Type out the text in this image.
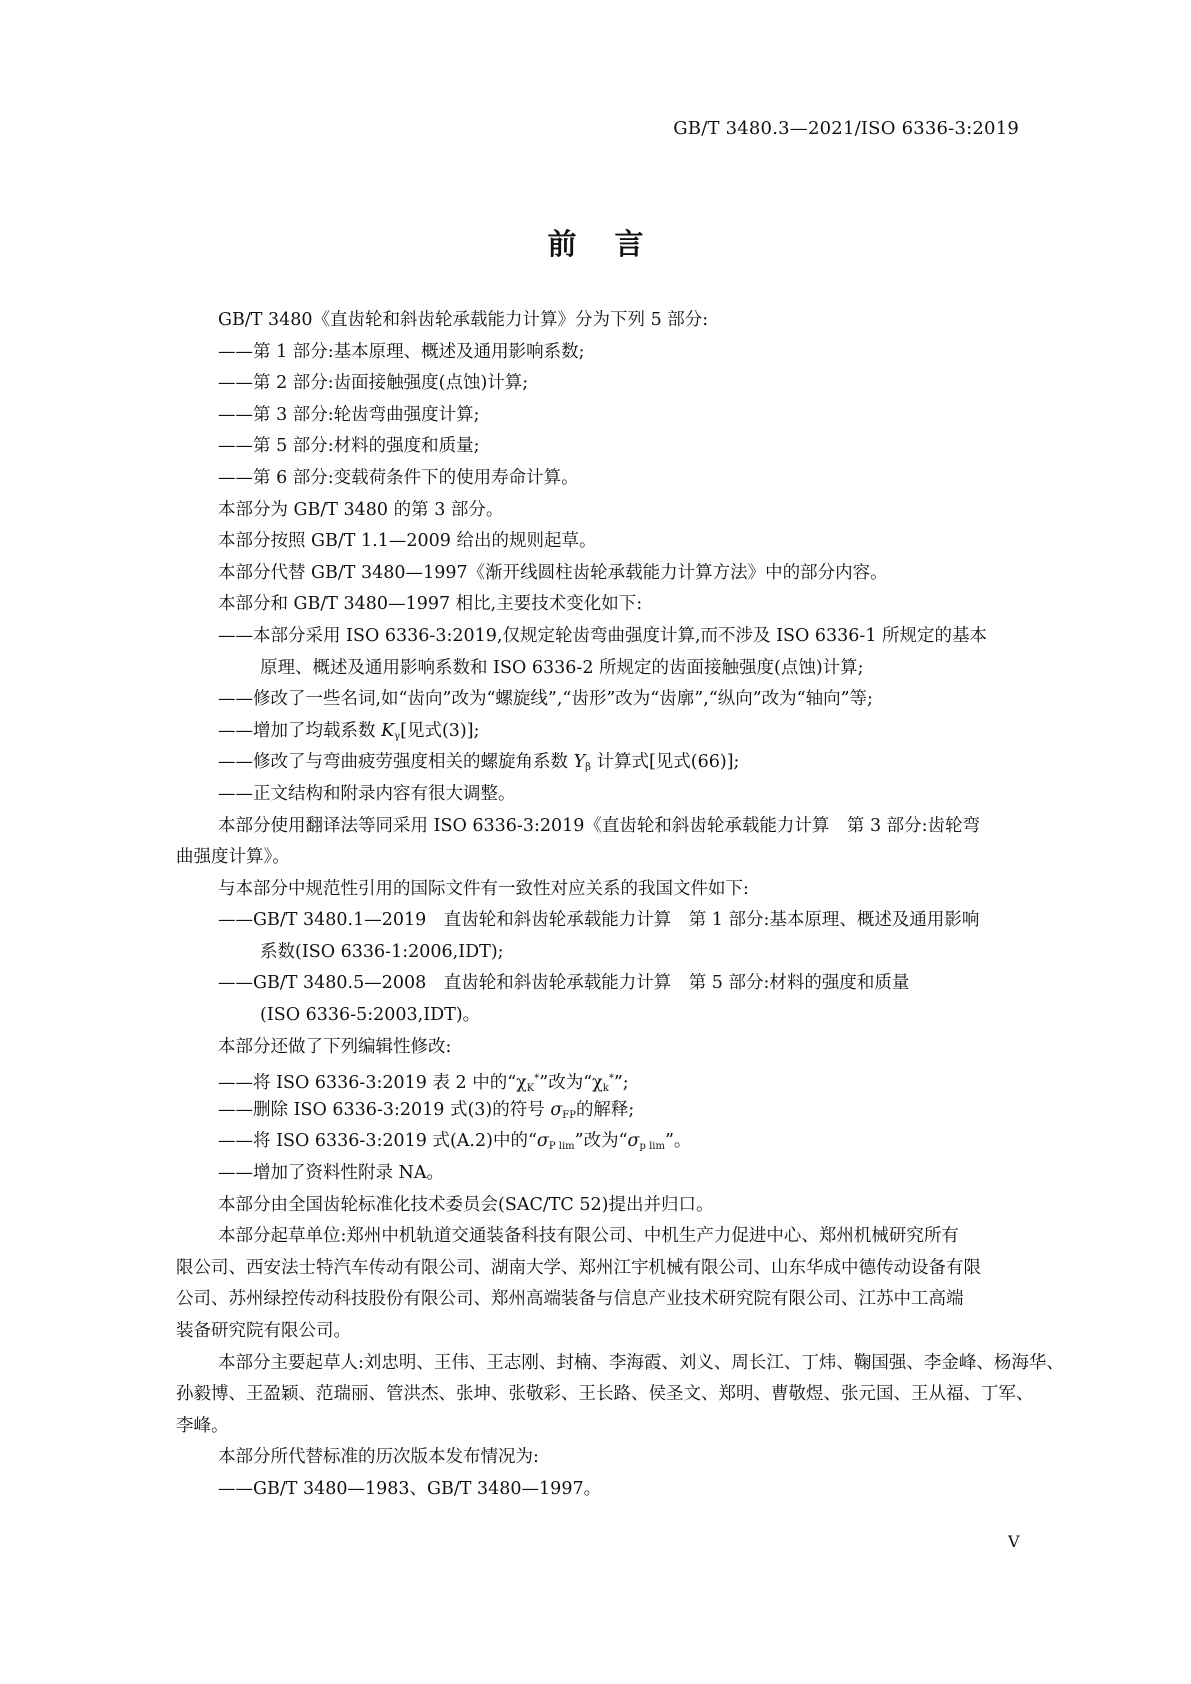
GB/T 3480.3—2021/ISO 6336-3:2019
前言
GB/T 3480《直齿轮和斜齿轮承载能力计算》分为下列 5 部分:
——第 1 部分:基本原理、概述及通用影响系数;
——第 2 部分:齿面接触强度(点蚀)计算;
——第 3 部分:轮齿弯曲强度计算;
——第 5 部分:材料的强度和质量;
——第 6 部分:变载荷条件下的使用寿命计算。
本部分为 GB/T 3480 的第 3 部分。
本部分按照 GB/T 1.1—2009 给出的规则起草。
本部分代替 GB/T 3480—1997《渐开线圆柱齿轮承载能力计算方法》中的部分内容。
本部分和 GB/T 3480—1997 相比,主要技术变化如下:
——本部分采用 ISO 6336-3:2019,仅规定轮齿弯曲强度计算,而不涉及 ISO 6336-1 所规定的基本
原理、概述及通用影响系数和 ISO 6336-2 所规定的齿面接触强度(点蚀)计算;
——修改了一些名词,如“齿向”改为“螺旋线”,“齿形”改为“齿廓”,“纵向”改为“轴向”等;
——增加了均载系数 $K_\gamma$[见式(3)];
——修改了与弯曲疲劳强度相关的螺旋角系数 $Y_\beta$ 计算式[见式(66)];
——正文结构和附录内容有很大调整。
本部分使用翻译法等同采用 ISO 6336-3:2019《直齿轮和斜齿轮承载能力计算　第 3 部分:齿轮弯
曲强度计算》。
与本部分中规范性引用的国际文件有一致性对应关系的我国文件如下:
——GB/T 3480.1—2019　直齿轮和斜齿轮承载能力计算　第 1 部分:基本原理、概述及通用影响
系数(ISO 6336-1:2006,IDT);
——GB/T 3480.5—2008　直齿轮和斜齿轮承载能力计算　第 5 部分:材料的强度和质量
(ISO 6336-5:2003,IDT)。
本部分还做了下列编辑性修改:
——将 ISO 6336-3:2019 表 2 中的“$\chi_K^*$”改为“$\chi_k^*$”;
——删除 ISO 6336-3:2019 式(3)的符号 $\sigma_{FP}$的解释;
——将 ISO 6336-3:2019 式(A.2)中的“$\sigma_{P lim}$”改为“$\sigma_{p lim}$”。
——增加了资料性附录 NA。
本部分由全国齿轮标准化技术委员会(SAC/TC 52)提出并归口。
本部分起草单位:郑州中机轨道交通装备科技有限公司、中机生产力促进中心、郑州机械研究所有
限公司、西安法士特汽车传动有限公司、湖南大学、郑州江宇机械有限公司、山东华成中德传动设备有限
公司、苏州绿控传动科技股份有限公司、郑州高端装备与信息产业技术研究院有限公司、江苏中工高端
装备研究院有限公司。
本部分主要起草人:刘忠明、王伟、王志刚、封楠、李海霞、刘义、周长江、丁炜、鞠国强、李金峰、杨海华、
孙毅博、王盈颖、范瑞丽、管洪杰、张坤、张敬彩、王长路、侯圣文、郑明、曹敬煜、张元国、王从福、丁军、
李峰。
本部分所代替标准的历次版本发布情况为:
——GB/T 3480—1983、GB/T 3480—1997。
V
